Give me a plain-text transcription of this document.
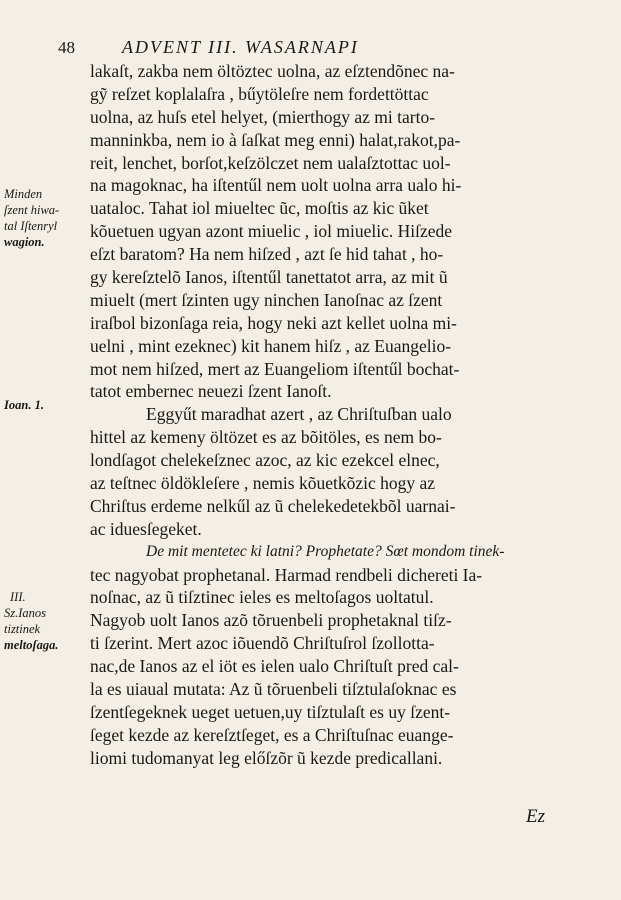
48	ADVENT III. WASARNAPI
lakaſt, zakba nem öltöztec uolna, az eſztendõnec na-
gỹ reſzet koplalaſra , bűytöleſre nem fordettöttac
uolna, az huſs etel helyet, (mierthogy az mi tarto-
manninkba, nem io à ſaſkat meg enni) halat,rakot,pa-
reit, lenchet, borſot,keſzölczet nem ualaſztottac uol-
na magoknac, ha iſtentűl nem uolt uolna arra ualo hi-
uataloc. Tahat iol miueltec ũc, moſtis az kic ũket
kõuetuen ugyan azont miuelic , iol miuelic. Hiſzede
eſzt baratom? Ha nem hiſzed , azt ſe hid tahat , ho-
gy kereſztelõ Ianos, iſtentűl tanettatot arra, az mit ũ
miuelt (mert ſzinten ugy ninchen Ianoſnac az ſzent
iraſbol bizonſaga reia, hogy neki azt kellet uolna mi-
uelni , mint ezeknec) kit hanem hiſz , az Euangelio-
mot nem hiſzed, mert az Euangeliom iſtentűl bochat-
tatot embernec neuezi ſzent Ianoſt.
Eggyűt maradhat azert , az Chriſtuſban ualo
hittel az kemeny öltözet es az bõitöles, es nem bo-
londſagot chelekeſznec azoc, az kic ezekcel elnec,
az teſtnec öldökleſere , nemis kõuetkõzic hogy az
Chriſtus erdeme nelkűl az ũ chelekedetekbõl uarnai-
ac iduesſegeket.
De mit mentetec ki latni? Prophetate? Sœt mondom tinek-
tec nagyobat prophetanal. Harmad rendbeli dichereti Ia-
noſnac, az ũ tiſztinec ieles es meltoſagos uoltatul.
Nagyob uolt Ianos azõ tõruenbeli prophetaknal tiſz-
ti ſzerint. Mert azoc iõuendõ Chriſtuſrol ſzollotta-
nac,de Ianos az el iöt es ielen ualo Chriſtuſt pred cal-
la es uiaual mutata: Az ũ tõruenbeli tiſztulaſoknac es
ſzentſegeknek ueget uetuen,uy tiſztulaſt es uy ſzent-
ſeget kezde az kereſztſeget, es a Chriſtuſnac euange-
liomi tudomanyat leg előſzõr ũ kezde predicallani.
Minden
ſzent hiwa-
tal Iſtenryl
wagion.
Ioan. 1.
III.
Sz.Ianos
tiztinek
meltoſaga.
Ez
